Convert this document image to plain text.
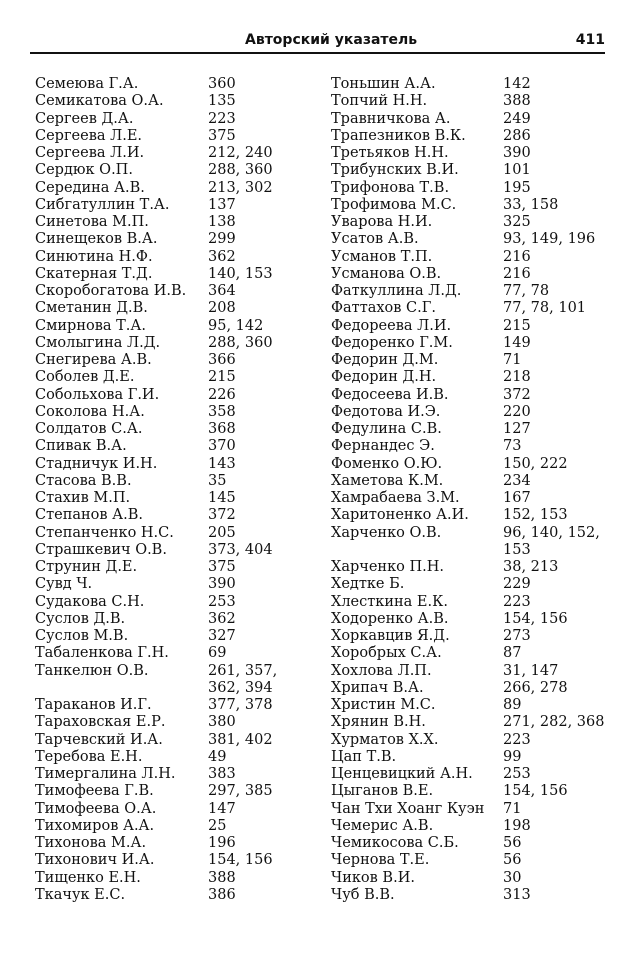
Авторский указатель	411
Семеюва Г.А.	360
Семикатова О.А.	135
Сергеев Д.А.	223
Сергеева Л.Е.	375
Сергеева Л.И.	212, 240
Сердюк О.П.	288, 360
Середина А.В.	213, 302
Сибгатуллин Т.А.	137
Синетова М.П.	138
Синещеков В.А.	299
Синютина Н.Ф.	362
Скатерная Т.Д.	140, 153
Скоробогатова И.В. 364
Сметанин Д.В.	208
Смирнова Т.А.	95, 142
Смолыгина Л.Д.	288, 360
Снегирева А.В.	366
Соболев Д.Е.	215
Собольхова Г.И.	226
Соколова Н.А.	358
Солдатов С.А.	368
Спивак В.А.	370
Стадничук И.Н.	143
Стасова В.В.	35
Стахив М.П.	145
Степанов А.В.	372
Степанченко Н.С. 205
Страшкевич О.В.	373, 404
Струнин Д.Е.	375
Сувд Ч.	390
Судакова С.Н.	253
Суслов Д.В.	362
Суслов М.В.	327
Табаленкова Г.Н.	69
Танкелюн О.В.	261, 357,
362, 394
Тараканов И.Г.	377, 378
Тараховская Е.Р.	380
Тарчевский И.А.	381, 402
Теребова Е.Н.	49
Тимергалина Л.Н. 383
Тимофеева Г.В.	297, 385
Тимофеева О.А.	147
Тихомиров А.А.	25
Тихонова М.А.	196
Тихонович И.А.	154, 156
Тищенко Е.Н.	388
Ткачук Е.С.	386
Тоньшин А.А.	142
Топчий Н.Н.	388
Травничкова А.	249
Трапезников В.К.	286
Третьяков Н.Н.	390
Трибунских В.И.	101
Трифонова Т.В.	195
Трофимова М.С.	33, 158
Уварова Н.И.	325
Усатов А.В.	93, 149, 196
Усманов Т.П.	216
Усманова О.В.	216
Фаткуллина Л.Д.	77, 78
Фаттахов С.Г.	77, 78, 101
Федореева Л.И.	215
Федоренко Г.М.	149
Федорин Д.М.	71
Федорин Д.Н.	218
Федосеева И.В.	372
Федотова И.Э.	220
Федулина С.В.	127
Фернандес Э.	73
Фоменко О.Ю.	150, 222
Хаметова К.М.	234
Хамрабаева З.М.	167
Харитоненко А.И. 152, 153
Харченко О.В.	96, 140, 152,
153
Харченко П.Н.	38, 213
Хедтке Б.	229
Хлесткина Е.К.	223
Ходоренко А.В.	154, 156
Хоркавцив Я.Д.	273
Хоробрых С.А.	87
Хохлова Л.П.	31, 147
Хрипач В.А.	266, 278
Христин М.С.	89
Хрянин В.Н.	271, 282, 368
Хурматов Х.Х.	223
Цап Т.В.	99
Ценцевицкий А.Н. 253
Цыганов В.Е.	154, 156
Чан Тхи Хоанг Куэн 71
Чемерис А.В.	198
Чемикосова С.Б.	56
Чернова Т.Е.	56
Чиков В.И.	30
Чуб В.В.	313
